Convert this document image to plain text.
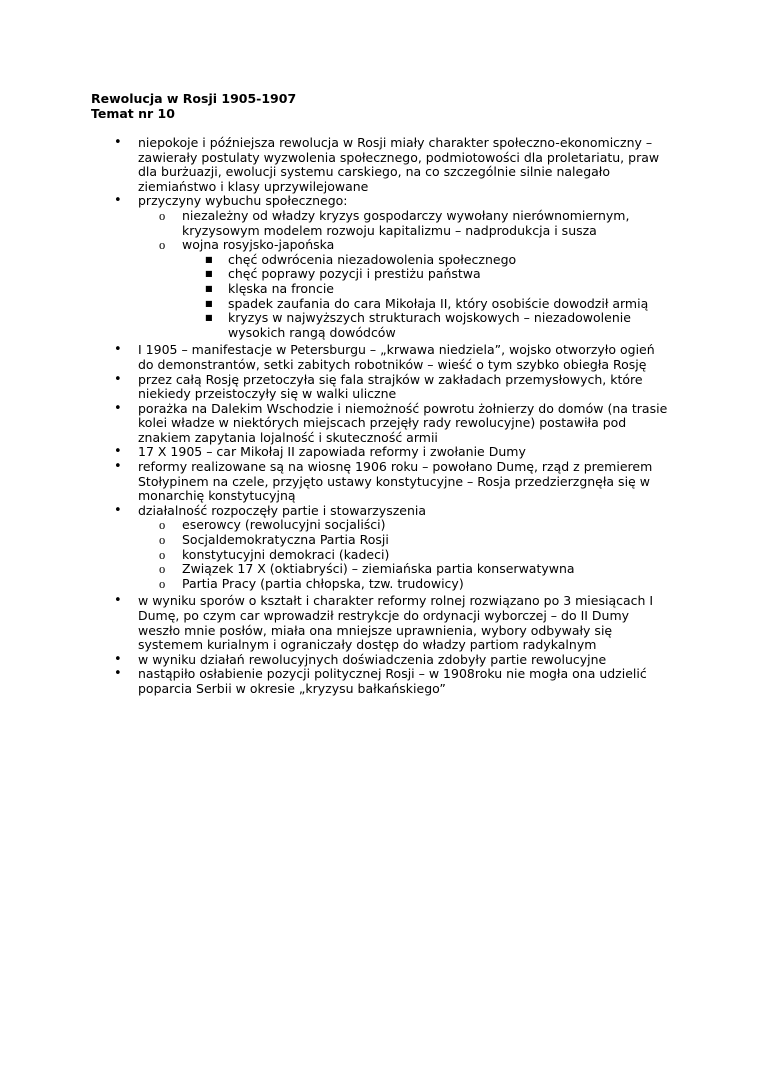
Rewolucja w Rosji 1905-1907
Temat nr 10
• niepokoje i późniejsza rewolucja w Rosji miały charakter społeczno-ekonomiczny – zawierały postulaty wyzwolenia społecznego, podmiotowości dla proletariatu, praw dla burżuazji, ewolucji systemu carskiego, na co szczególnie silnie nalegało ziemiaństwo i klasy uprzywilejowane
• przyczyny wybuchu społecznego:
o niezależny od władzy kryzys gospodarczy wywołany nierównomiernym, kryzysowym modelem rozwoju kapitalizmu – nadprodukcja i susza
o wojna rosyjsko-japońska
■ chęć odwrócenia niezadowolenia społecznego
■ chęć poprawy pozycji i prestiżu państwa
■ klęska na froncie
■ spadek zaufania do cara Mikołaja II, który osobiście dowodził armią
■ kryzys w najwyższych strukturach wojskowych – niezadowolenie wysokich rangą dowódców
• I 1905 – manifestacje w Petersburgu – „krwawa niedziela”, wojsko otworzyło ogień do demonstrantów, setki zabitych robotników – wieść o tym szybko obiegła Rosję
• przez całą Rosję przetoczyła się fala strajków w zakładach przemysłowych, które niekiedy przeistoczyły się w walki uliczne
• porażka na Dalekim Wschodzie i niemożność powrotu żołnierzy do domów (na trasie kolei władze w niektórych miejscach przejęły rady rewolucyjne) postawiła pod znakiem zapytania lojalność i skuteczność armii
• 17 X 1905 – car Mikołaj II zapowiada reformy i zwołanie Dumy
• reformy realizowane są na wiosnę 1906 roku – powołano Dumę, rząd z premierem Stołypinem na czele, przyjęto ustawy konstytucyjne – Rosja przedzierzgnęła się w monarchię konstytucyjną
• działalność rozpoczęły partie i stowarzyszenia
o eserowcy (rewolucyjni socjaliści)
o Socjaldemokratyczna Partia Rosji
o konstytucyjni demokraci (kadeci)
o Związek 17 X (oktiabryści) – ziemiańska partia konserwatywna
o Partia Pracy (partia chłopska, tzw. trudowicy)
• w wyniku sporów o kształt i charakter reformy rolnej rozwiązano po 3 miesiącach I Dumę, po czym car wprowadził restrykcje do ordynacji wyborczej – do II Dumy weszło mnie posłów, miała ona mniejsze uprawnienia, wybory odbywały się systemem kurialnym i ograniczały dostęp do władzy partiom radykalnym
• w wyniku działań rewolucyjnych doświadczenia zdobyły partie rewolucyjne
• nastąpiło osłabienie pozycji politycznej Rosji – w 1908roku nie mogła ona udzielić poparcia Serbii w okresie „kryzysu bałkańskiego”
